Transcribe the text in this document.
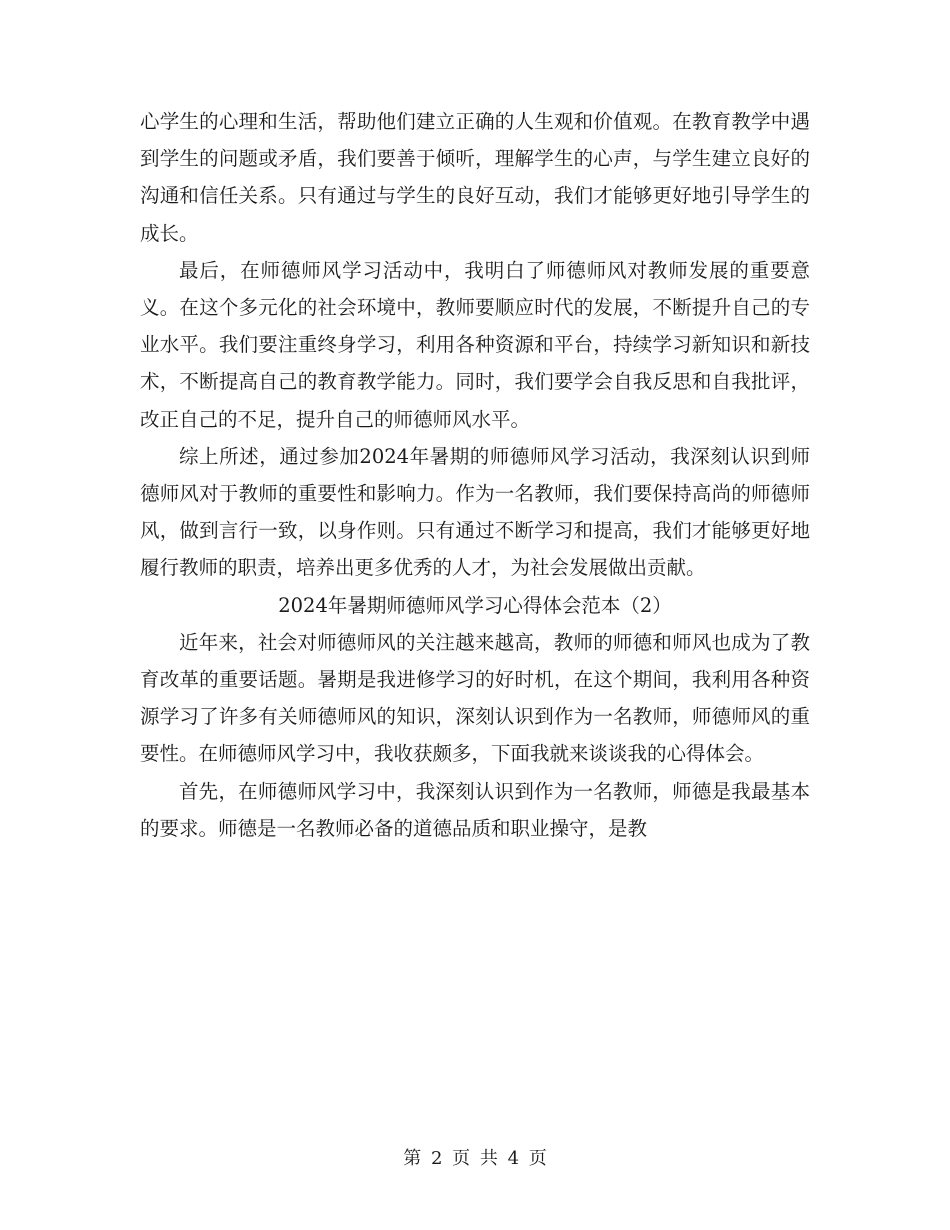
心学生的心理和生活，帮助他们建立正确的人生观和价值观。在教育教学中遇到学生的问题或矛盾，我们要善于倾听，理解学生的心声，与学生建立良好的沟通和信任关系。只有通过与学生的良好互动，我们才能够更好地引导学生的成长。

最后，在师德师风学习活动中，我明白了师德师风对教师发展的重要意义。在这个多元化的社会环境中，教师要顺应时代的发展，不断提升自己的专业水平。我们要注重终身学习，利用各种资源和平台，持续学习新知识和新技术，不断提高自己的教育教学能力。同时，我们要学会自我反思和自我批评，改正自己的不足，提升自己的师德师风水平。

综上所述，通过参加2024年暑期的师德师风学习活动，我深刻认识到师德师风对于教师的重要性和影响力。作为一名教师，我们要保持高尚的师德师风，做到言行一致，以身作则。只有通过不断学习和提高，我们才能够更好地履行教师的职责，培养出更多优秀的人才，为社会发展做出贡献。

2024年暑期师德师风学习心得体会范本（2）

近年来，社会对师德师风的关注越来越高，教师的师德和师风也成为了教育改革的重要话题。暑期是我进修学习的好时机，在这个期间，我利用各种资源学习了许多有关师德师风的知识，深刻认识到作为一名教师，师德师风的重要性。在师德师风学习中，我收获颇多，下面我就来谈谈我的心得体会。

首先，在师德师风学习中，我深刻认识到作为一名教师，师德是我最基本的要求。师德是一名教师必备的道德品质和职业操守，是教

第 2 页 共 4 页
